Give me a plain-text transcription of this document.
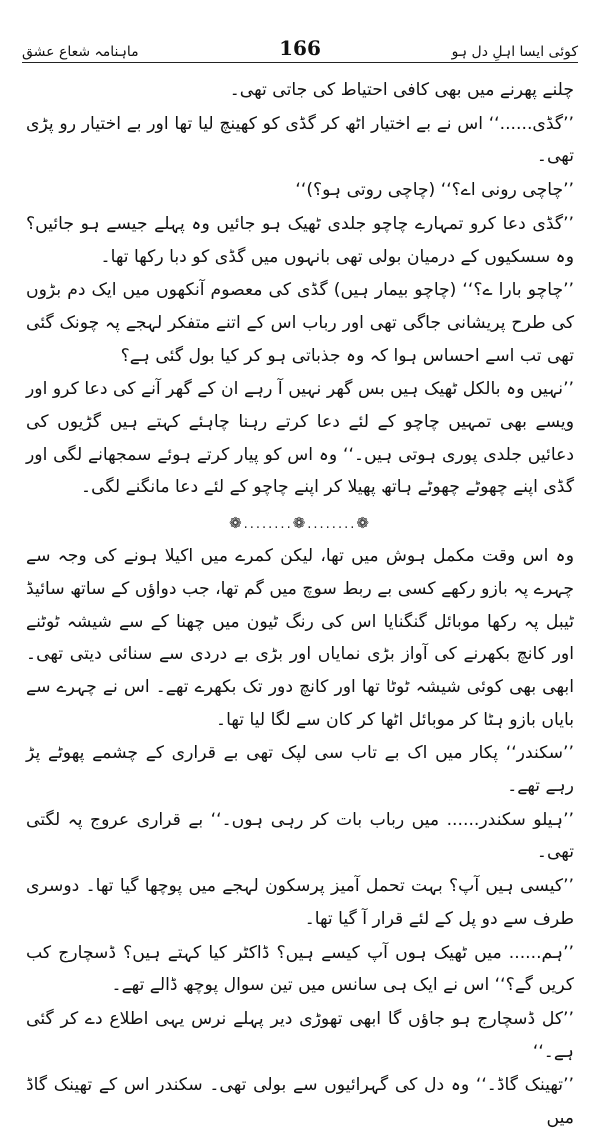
ماہنامہ شعاع عشق	166	کوئی ایسا اہلِ دل ہو

چلنے پھرنے میں بھی کافی احتیاط کی جاتی تھی۔

’’گڈی......‘‘ اس نے بے اختیار اٹھ کر گڈی کو کھینچ لیا تھا اور بے اختیار رو پڑی تھی۔

’’چاچی رونی اے؟‘‘ (چاچی روتی ہو؟)‘‘

’’گڈی دعا کرو تمہارے چاچو جلدی ٹھیک ہو جائیں وہ پہلے جیسے ہو جائیں؟ وہ سسکیوں کے درمیان بولی تھی بانہوں میں گڈی کو دبا رکھا تھا۔

’’چاچو بارا ے؟‘‘ (چاچو بیمار ہیں) گڈی کی معصوم آنکھوں میں ایک دم بڑوں کی طرح پریشانی جاگی تھی اور رباب اس کے اتنے متفکر لہجے پہ چونک گئی تھی تب اسے احساس ہوا کہ وہ جذباتی ہو کر کیا بول گئی ہے؟

’’نہیں وہ بالکل ٹھیک ہیں بس گھر نہیں آ رہے ان کے گھر آنے کی دعا کرو اور ویسے بھی تمہیں چاچو کے لئے دعا کرتے رہنا چاہئے کہتے ہیں گڑیوں کی دعائیں جلدی پوری ہوتی ہیں۔‘‘ وہ اس کو پیار کرتے ہوئے سمجھانے لگی اور گڈی اپنے چھوٹے چھوٹے ہاتھ پھیلا کر اپنے چاچو کے لئے دعا مانگنے لگی۔

❁........❁........❁

وہ اس وقت مکمل ہوش میں تھا، لیکن کمرے میں اکیلا ہونے کی وجہ سے چہرے پہ بازو رکھے کسی بے ربط سوچ میں گم تھا، جب دواؤں کے ساتھ سائیڈ ٹیبل پہ رکھا موبائل گنگنایا اس کی رنگ ٹیون میں چھنا کے سے شیشہ ٹوٹنے اور کانچ بکھرنے کی آواز بڑی نمایاں اور بڑی بے دردی سے سنائی دیتی تھی۔ ابھی بھی کوئی شیشہ ٹوٹا تھا اور کانچ دور تک بکھرے تھے۔ اس نے چہرے سے بایاں بازو ہٹا کر موبائل اٹھا کر کان سے لگا لیا تھا۔

’’سکندر‘‘ پکار میں اک بے تاب سی لپک تھی بے قراری کے چشمے پھوٹے پڑ رہے تھے۔

’’ہیلو سکندر...... میں رباب بات کر رہی ہوں۔‘‘ بے قراری عروج پہ لگتی تھی۔

’’کیسی ہیں آپ؟ بہت تحمل آمیز پرسکون لہجے میں پوچھا گیا تھا۔ دوسری طرف سے دو پل کے لئے قرار آ گیا تھا۔

’’ہم...... میں ٹھیک ہوں آپ کیسے ہیں؟ ڈاکٹر کیا کہتے ہیں؟ ڈسچارج کب کریں گے؟‘‘ اس نے ایک ہی سانس میں تین سوال پوچھ ڈالے تھے۔

’’کل ڈسچارج ہو جاؤں گا ابھی تھوڑی دیر پہلے نرس یہی اطلاع دے کر گئی ہے۔‘‘

’’تھینک گاڈ۔‘‘ وہ دل کی گہرائیوں سے بولی تھی۔ سکندر اس کے تھینک گاڈ میں
